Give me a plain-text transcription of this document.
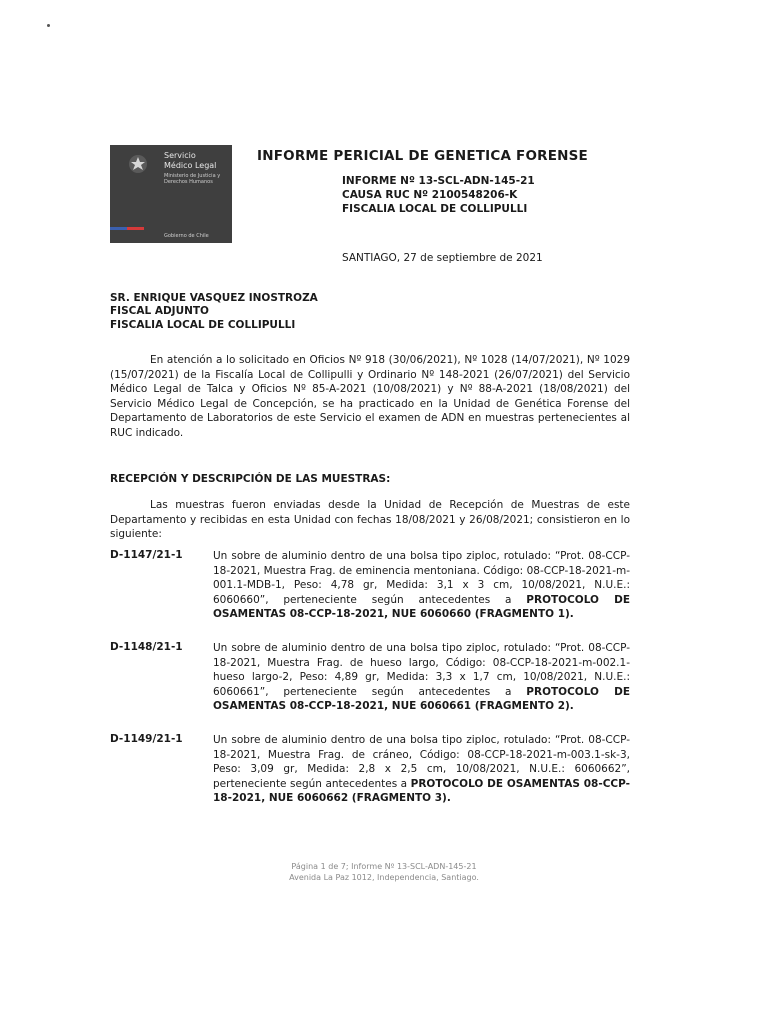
Servicio
Médico Legal
Ministerio de Justicia y Derechos Humanos
Gobierno de Chile
INFORME PERICIAL DE GENETICA FORENSE
INFORME Nº 13-SCL-ADN-145-21
CAUSA RUC Nº 2100548206-K
FISCALIA LOCAL DE COLLIPULLI
SANTIAGO, 27 de septiembre de 2021
SR. ENRIQUE VASQUEZ INOSTROZA
FISCAL ADJUNTO
FISCALIA LOCAL DE COLLIPULLI
En atención a lo solicitado en Oficios Nº 918 (30/06/2021), Nº 1028 (14/07/2021), Nº 1029 (15/07/2021) de la Fiscalía Local de Collipulli y Ordinario Nº 148-2021 (26/07/2021) del Servicio Médico Legal de Talca y Oficios Nº 85-A-2021 (10/08/2021) y Nº 88-A-2021 (18/08/2021) del Servicio Médico Legal de Concepción, se ha practicado en la Unidad de Genética Forense del Departamento de Laboratorios de este Servicio el examen de ADN en muestras pertenecientes al RUC indicado.
RECEPCIÓN Y DESCRIPCIÓN DE LAS MUESTRAS:
Las muestras fueron enviadas desde la Unidad de Recepción de Muestras de este Departamento y recibidas en esta Unidad con fechas 18/08/2021 y 26/08/2021; consistieron en lo siguiente:
D-1147/21-1	Un sobre de aluminio dentro de una bolsa tipo ziploc, rotulado: “Prot. 08-CCP-18-2021, Muestra Frag. de eminencia mentoniana. Código: 08-CCP-18-2021-m-001.1-MDB-1, Peso: 4,78 gr, Medida: 3,1 x 3 cm, 10/08/2021, N.U.E.: 6060660”, perteneciente según antecedentes a PROTOCOLO DE OSAMENTAS 08-CCP-18-2021, NUE 6060660 (FRAGMENTO 1).
D-1148/21-1	Un sobre de aluminio dentro de una bolsa tipo ziploc, rotulado: “Prot. 08-CCP-18-2021, Muestra Frag. de hueso largo, Código: 08-CCP-18-2021-m-002.1-hueso largo-2, Peso: 4,89 gr, Medida: 3,3 x 1,7 cm, 10/08/2021, N.U.E.: 6060661”, perteneciente según antecedentes a PROTOCOLO DE OSAMENTAS 08-CCP-18-2021, NUE 6060661 (FRAGMENTO 2).
D-1149/21-1	Un sobre de aluminio dentro de una bolsa tipo ziploc, rotulado: “Prot. 08-CCP-18-2021, Muestra Frag. de cráneo, Código: 08-CCP-18-2021-m-003.1-sk-3, Peso: 3,09 gr, Medida: 2,8 x 2,5 cm, 10/08/2021, N.U.E.: 6060662”, perteneciente según antecedentes a PROTOCOLO DE OSAMENTAS 08-CCP-18-2021, NUE 6060662 (FRAGMENTO 3).
Página 1 de 7; Informe Nº 13-SCL-ADN-145-21
Avenida La Paz 1012, Independencia, Santiago.
